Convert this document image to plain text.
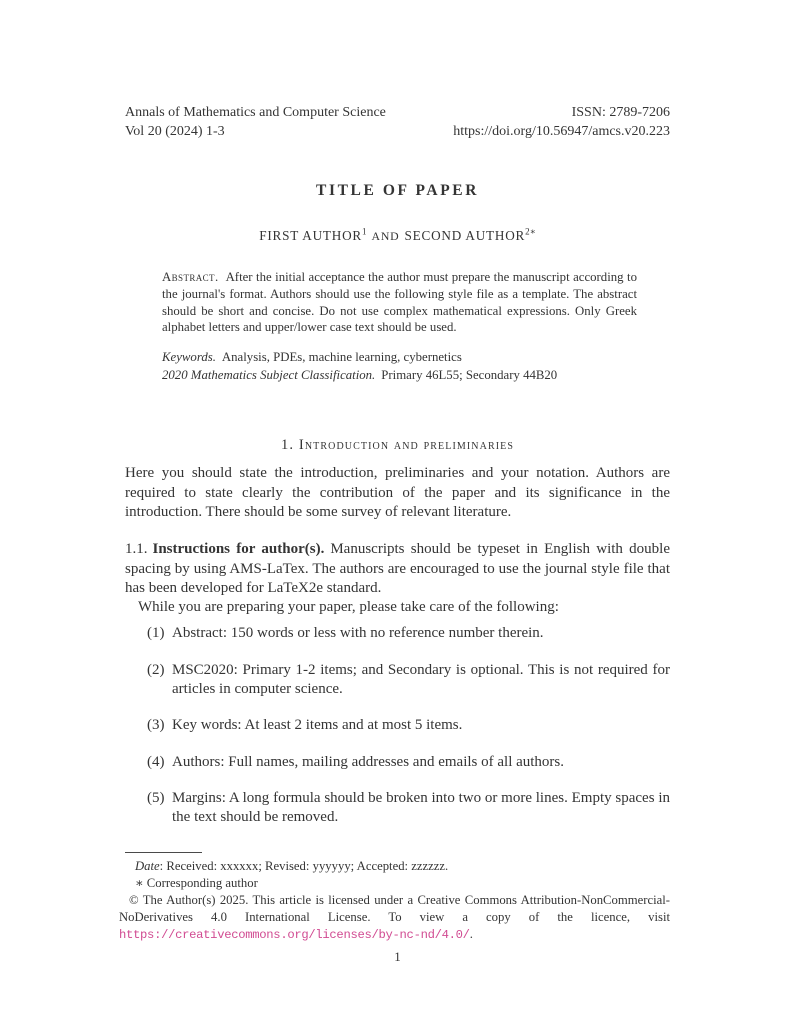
Annals of Mathematics and Computer Science
Vol 20 (2024) 1-3
ISSN: 2789-7206
https://doi.org/10.56947/amcs.v20.223
TITLE OF PAPER
FIRST AUTHOR$^1$ AND SECOND $AUTHOR^{2∗}$
Abstract. After the initial acceptance the author must prepare the manuscript according to the journal's format. Authors should use the following style file as a template. The abstract should be short and concise. Do not use complex mathematical expressions. Only Greek alphabet letters and upper/lower case text should be used.
Keywords. Analysis, PDEs, machine learning, cybernetics
2020 Mathematics Subject Classification. Primary 46L55; Secondary 44B20
1. Introduction and preliminaries
Here you should state the introduction, preliminaries and your notation. Authors are required to state clearly the contribution of the paper and its significance in the introduction. There should be some survey of relevant literature.
1.1. Instructions for author(s). Manuscripts should be typeset in English with double spacing by using AMS-LaTex. The authors are encouraged to use the journal style file that has been developed for LaTeX2e standard.
While you are preparing your paper, please take care of the following:
(1) Abstract: 150 words or less with no reference number therein.
(2) MSC2020: Primary 1-2 items; and Secondary is optional. This is not required for articles in computer science.
(3) Key words: At least 2 items and at most 5 items.
(4) Authors: Full names, mailing addresses and emails of all authors.
(5) Margins: A long formula should be broken into two or more lines. Empty spaces in the text should be removed.
Date: Received: xxxxxx; Revised: yyyyyy; Accepted: zzzzzz.
∗ Corresponding author
© The Author(s) 2025. This article is licensed under a Creative Commons Attribution-NonCommercial-NoDerivatives 4.0 International License. To view a copy of the licence, visit https://creativecommons.org/licenses/by-nc-nd/4.0/.
1
